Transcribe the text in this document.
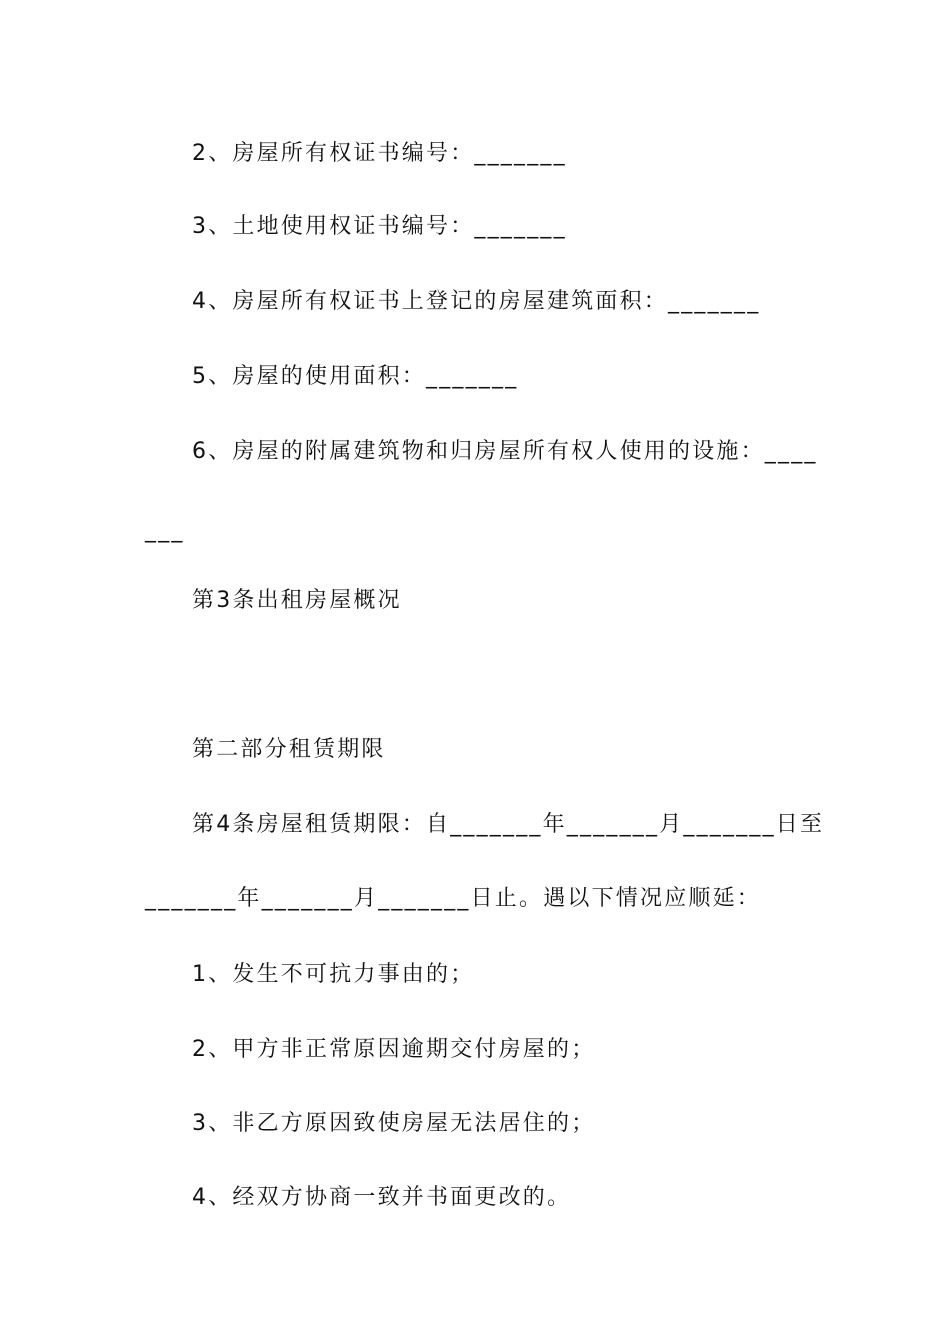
2、房屋所有权证书编号：_______
3、土地使用权证书编号：_______
4、房屋所有权证书上登记的房屋建筑面积：_______
5、房屋的使用面积：_______
6、房屋的附属建筑物和归房屋所有权人使用的设施：____
___
第3条出租房屋概况
第二部分租赁期限
第4条房屋租赁期限：自_______年_______月_______日至
_______年_______月_______日止。遇以下情况应顺延：
1、发生不可抗力事由的；
2、甲方非正常原因逾期交付房屋的；
3、非乙方原因致使房屋无法居住的；
4、经双方协商一致并书面更改的。
